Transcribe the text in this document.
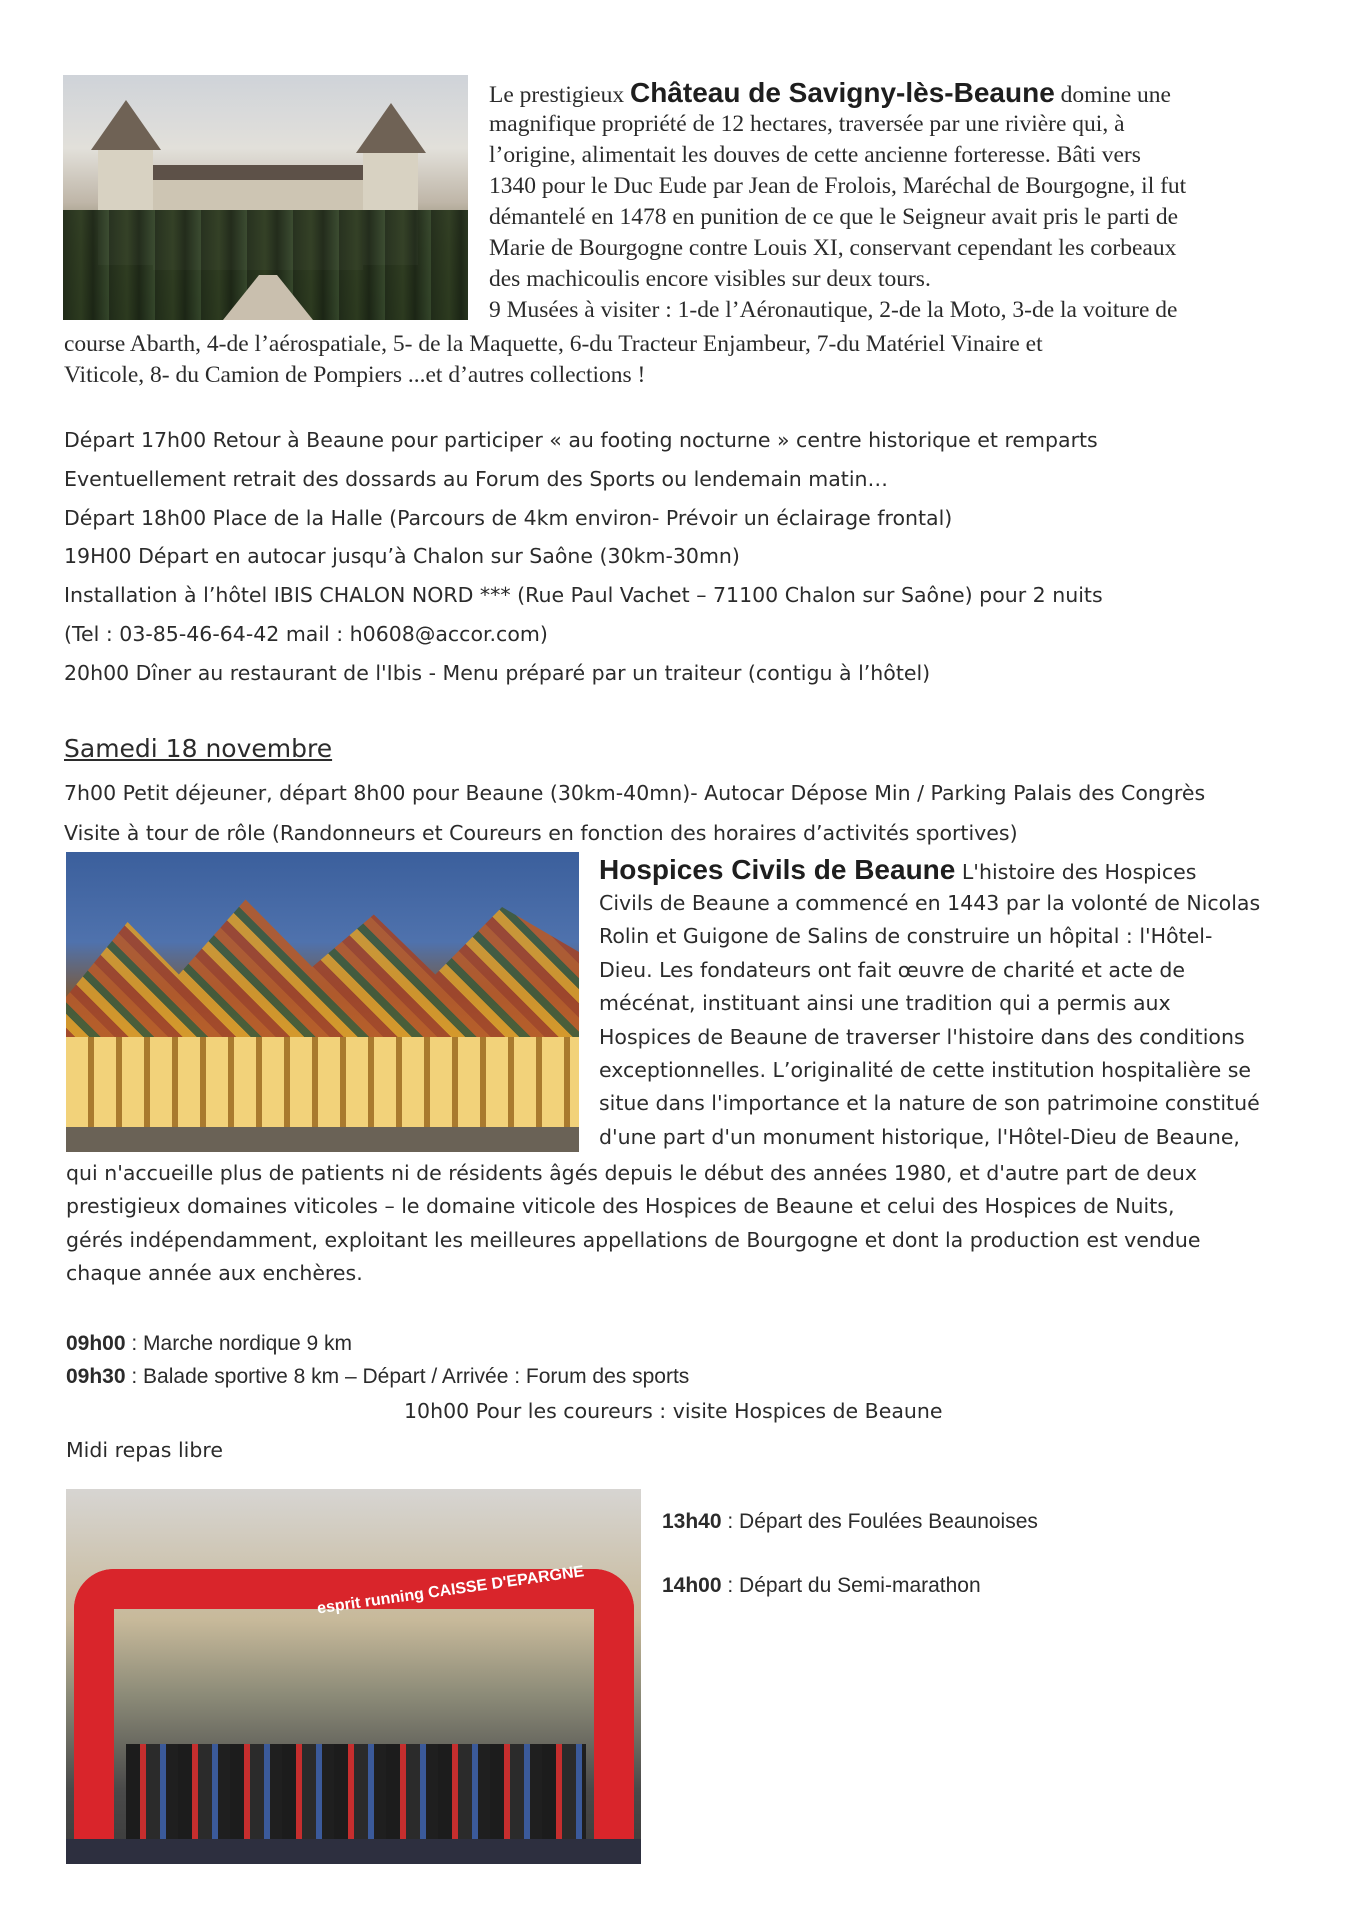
Le prestigieux Château de Savigny-lès-Beaune domine une
magnifique propriété de 12 hectares, traversée par une rivière qui, à
l’origine, alimentait les douves de cette ancienne forteresse. Bâti vers
1340 pour le Duc Eude par Jean de Frolois, Maréchal de Bourgogne, il fut
démantelé en 1478 en punition de ce que le Seigneur avait pris le parti de
Marie de Bourgogne contre Louis XI, conservant cependant les corbeaux
des machicoulis encore visibles sur deux tours.
9 Musées à visiter : 1-de l’Aéronautique, 2-de la Moto, 3-de la voiture de
course Abarth, 4-de l’aérospatiale, 5- de la Maquette, 6-du Tracteur Enjambeur, 7-du Matériel Vinaire et
Viticole, 8- du Camion de Pompiers ...et d’autres collections !
Départ 17h00 Retour à Beaune pour participer « au footing nocturne » centre historique et remparts
Eventuellement retrait des dossards au Forum des Sports ou lendemain matin…
Départ 18h00 Place de la Halle (Parcours de 4km environ- Prévoir un éclairage frontal)
19H00 Départ en autocar jusqu’à Chalon sur Saône (30km-30mn)
Installation à l’hôtel IBIS CHALON NORD *** (Rue Paul Vachet – 71100 Chalon sur Saône) pour 2 nuits
(Tel : 03-85-46-64-42 mail : h0608@accor.com)
20h00 Dîner au restaurant de l'Ibis - Menu préparé par un traiteur (contigu à l’hôtel)
Samedi 18 novembre
7h00 Petit déjeuner, départ 8h00 pour Beaune (30km-40mn)- Autocar Dépose Min / Parking Palais des Congrès
Visite à tour de rôle (Randonneurs et Coureurs en fonction des horaires d’activités sportives)
Hospices Civils de Beaune L'histoire des Hospices
Civils de Beaune a commencé en 1443 par la volonté de Nicolas
Rolin et Guigone de Salins de construire un hôpital : l'Hôtel-
Dieu. Les fondateurs ont fait œuvre de charité et acte de
mécénat, instituant ainsi une tradition qui a permis aux
Hospices de Beaune de traverser l'histoire dans des conditions
exceptionnelles. L’originalité de cette institution hospitalière se
situe dans l'importance et la nature de son patrimoine constitué
d'une part d'un monument historique, l'Hôtel-Dieu de Beaune,
qui n'accueille plus de patients ni de résidents âgés depuis le début des années 1980, et d'autre part de deux
prestigieux domaines viticoles – le domaine viticole des Hospices de Beaune et celui des Hospices de Nuits,
gérés indépendamment, exploitant les meilleures appellations de Bourgogne et dont la production est vendue
chaque année aux enchères.
09h00 : Marche nordique 9 km
09h30 : Balade sportive 8 km – Départ / Arrivée : Forum des sports
10h00 Pour les coureurs : visite Hospices de Beaune
Midi repas libre
esprit running CAISSE D'EPARGNE
13h40 : Départ des Foulées Beaunoises
14h00 : Départ du Semi-marathon
